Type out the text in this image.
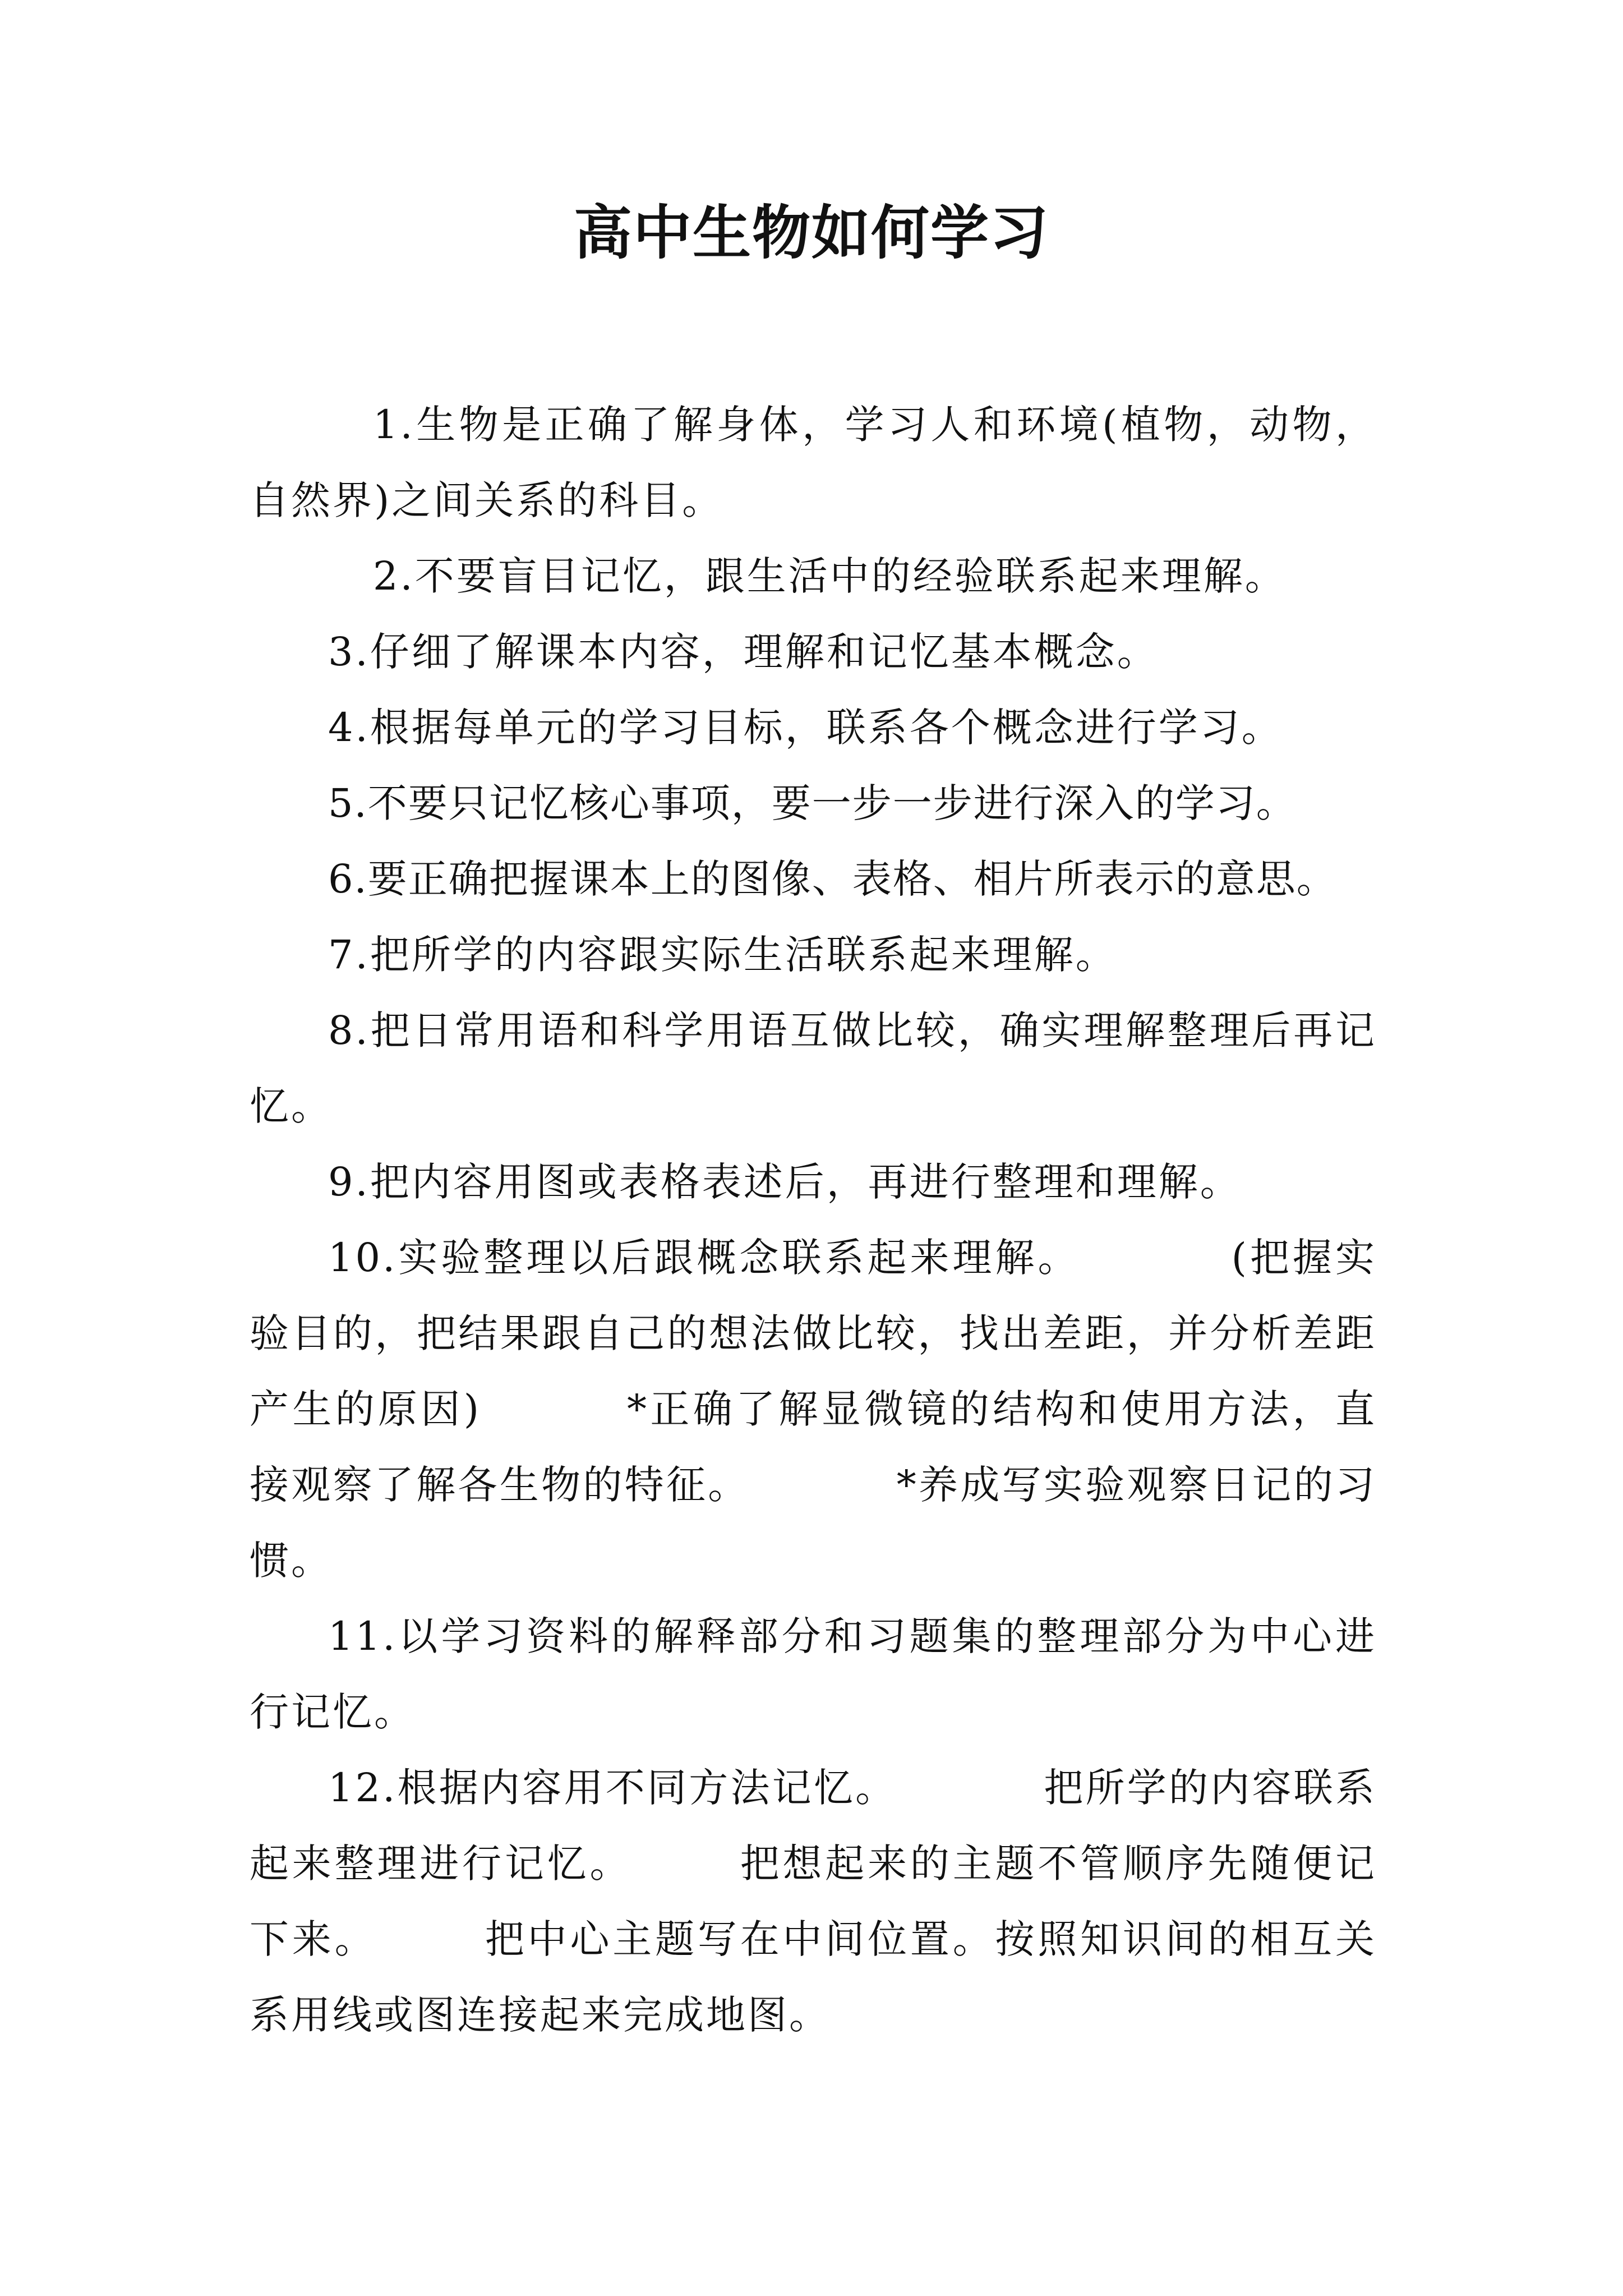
高中生物如何学习

1.生物是正确了解身体，学习人和环境(植物，动物，自然界)之间关系的科目。

2.不要盲目记忆，跟生活中的经验联系起来理解。

3.仔细了解课本内容，理解和记忆基本概念。

4.根据每单元的学习目标，联系各个概念进行学习。

5.不要只记忆核心事项，要一步一步进行深入的学习。

6.要正确把握课本上的图像、表格、相片所表示的意思。

7.把所学的内容跟实际生活联系起来理解。

8.把日常用语和科学用语互做比较，确实理解整理后再记忆。

9.把内容用图或表格表述后，再进行整理和理解。

10.实验整理以后跟概念联系起来理解。　　　　(把握实验目的，把结果跟自己的想法做比较，找出差距，并分析差距产生的原因)　　　 *正确了解显微镜的结构和使用方法，直接观察了解各生物的特征。　　　　*养成写实验观察日记的习惯。

11.以学习资料的解释部分和习题集的整理部分为中心进行记忆。

12.根据内容用不同方法记忆。　　　　把所学的内容联系起来整理进行记忆。　　　把想起来的主题不管顺序先随便记下来。　　　把中心主题写在中间位置。按照知识间的相互关系用线或图连接起来完成地图。
